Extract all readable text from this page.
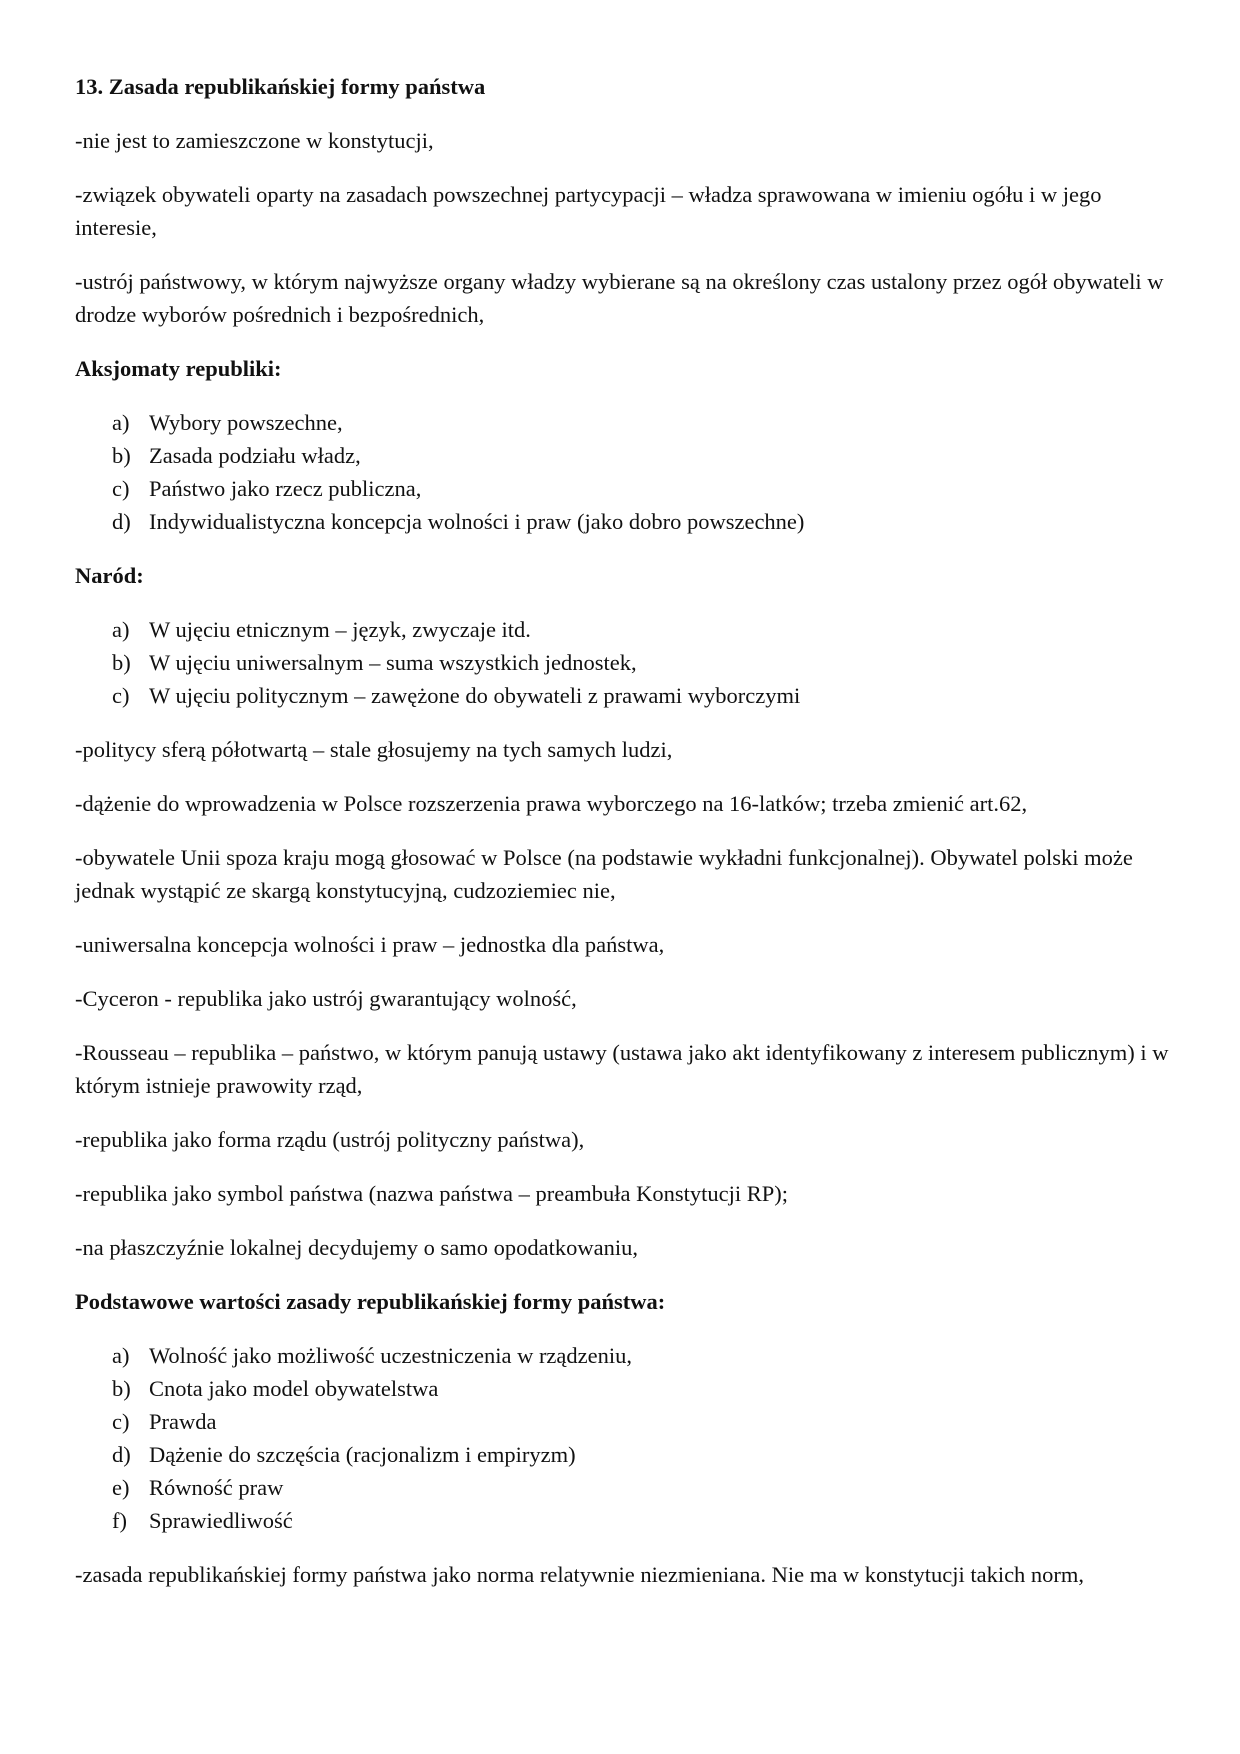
13. Zasada republikańskiej formy państwa
-nie jest to zamieszczone w konstytucji,
-związek obywateli oparty na zasadach powszechnej partycypacji – władza sprawowana w imieniu ogółu i w jego interesie,
-ustrój państwowy, w którym najwyższe organy władzy wybierane są na określony czas ustalony przez ogół obywateli w drodze wyborów pośrednich i bezpośrednich,
Aksjomaty republiki:
a) Wybory powszechne,
b) Zasada podziału władz,
c) Państwo jako rzecz publiczna,
d) Indywidualistyczna koncepcja wolności i praw (jako dobro powszechne)
Naród:
a) W ujęciu etnicznym – język, zwyczaje itd.
b) W ujęciu uniwersalnym – suma wszystkich jednostek,
c) W ujęciu politycznym – zawężone do obywateli z prawami wyborczymi
-politycy sferą półotwartą – stale głosujemy na tych samych ludzi,
-dążenie do wprowadzenia w Polsce rozszerzenia prawa wyborczego na 16-latków; trzeba zmienić art.62,
-obywatele Unii spoza kraju mogą głosować w Polsce (na podstawie wykładni funkcjonalnej). Obywatel polski może jednak wystąpić ze skargą konstytucyjną, cudzoziemiec nie,
-uniwersalna koncepcja wolności i praw – jednostka dla państwa,
-Cyceron - republika jako ustrój gwarantujący wolność,
-Rousseau – republika – państwo, w którym panują ustawy (ustawa jako akt identyfikowany z interesem publicznym) i w którym istnieje prawowity rząd,
-republika jako forma rządu (ustrój polityczny państwa),
-republika jako symbol państwa (nazwa państwa – preambuła Konstytucji RP);
-na płaszczyźnie lokalnej decydujemy o samo opodatkowaniu,
Podstawowe wartości zasady republikańskiej formy państwa:
a) Wolność jako możliwość uczestniczenia w rządzeniu,
b) Cnota jako model obywatelstwa
c) Prawda
d) Dążenie do szczęścia (racjonalizm i empiryzm)
e) Równość praw
f) Sprawiedliwość
-zasada republikańskiej formy państwa jako norma relatywnie niezmieniana. Nie ma w konstytucji takich norm,
